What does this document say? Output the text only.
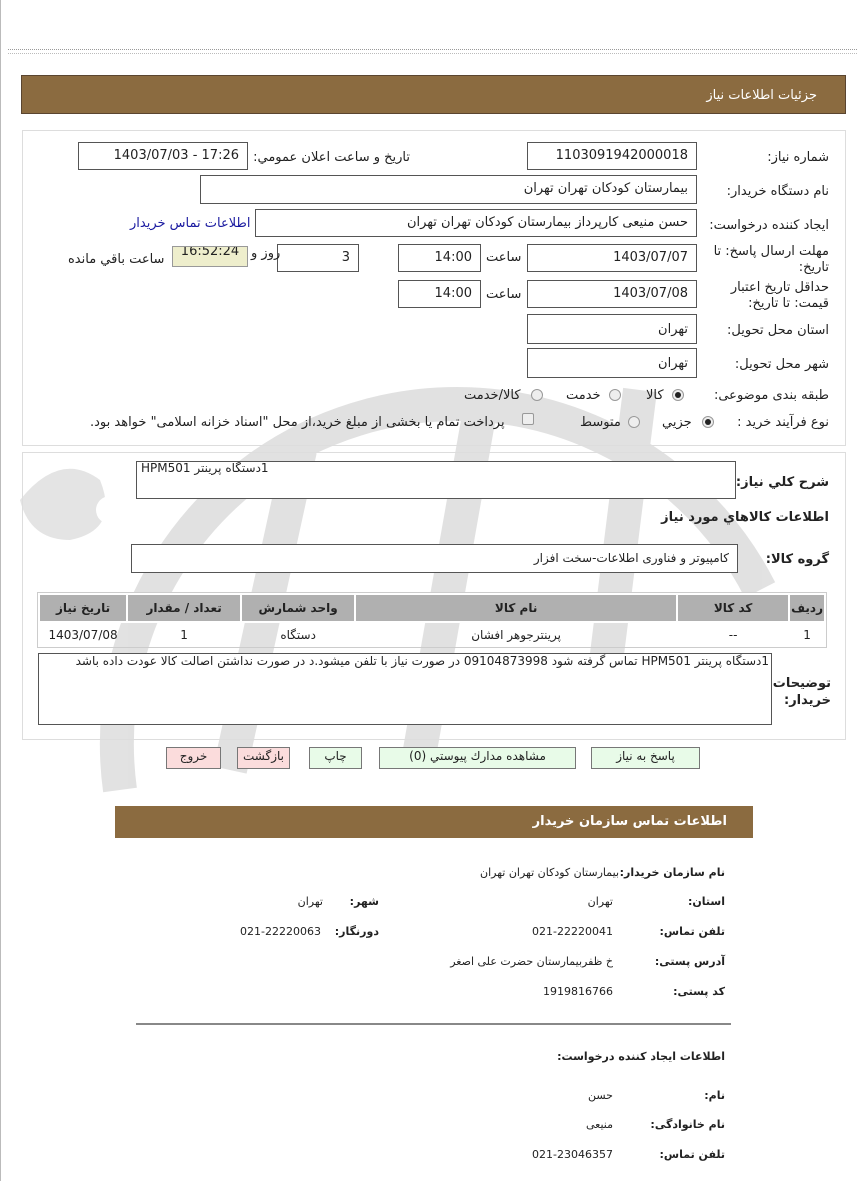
جزئیات اطلاعات نیاز
شماره نیاز:
1103091942000018
تاریخ و ساعت اعلان عمومي:
1403/07/03 - 17:26
نام دستگاه خریدار:
بیمارستان کودکان تهران تهران
ایجاد کننده درخواست:
حسن منیعی کارپرداز بیمارستان کودکان تهران تهران
اطلاعات تماس خریدار
مهلت ارسال پاسخ: تا
تاریخ:
1403/07/07
ساعت
14:00
3
روز و
16:52:24
ساعت باقي مانده
حداقل تاریخ اعتبار
قیمت: تا تاریخ:
1403/07/08
ساعت
14:00
استان محل تحویل:
تهران
شهر محل تحویل:
تهران
طبقه بندی موضوعی:
کالا
خدمت
کالا/خدمت
نوع فرآیند خرید :
جزيي
متوسط
پرداخت تمام یا بخشی از مبلغ خرید،از محل "اسناد خزانه اسلامی" خواهد بود.
شرح کلي نياز:
1دستگاه پرينتر HPM501
اطلاعات کالاهاي مورد نياز
گروه کالا:
کامپیوتر و فناوری اطلاعات-سخت افزار
ردیف	کد کالا	نام کالا	واحد شمارش	تعداد / مقدار	تاریخ نیاز
1	--	پرینترجوهر افشان	دستگاه	1	1403/07/08
توضیحات
خریدار:
1دستگاه پرینتر HPM501 تماس گرفته شود 09104873998 در صورت نیاز با تلفن میشود.د در صورت نداشتن اصالت کالا عودت داده باشد
پاسخ به نیاز
مشاهده مدارك پیوستي (0)
چاپ
بازگشت
خروج
اطلاعات تماس سازمان خریدار
نام سازمان خریدار:
بیمارستان کودکان تهران تهران
استان:
تهران
شهر:
تهران
تلفن تماس:
021-22220041
دورنگار:
021-22220063
آدرس پستی:
خ ظفربیمارستان حضرت علی اصغر
کد پستی:
1919816766
اطلاعات ایجاد کننده درخواست:
نام:
حسن
نام خانوادگی:
منیعی
تلفن تماس:
021-23046357
